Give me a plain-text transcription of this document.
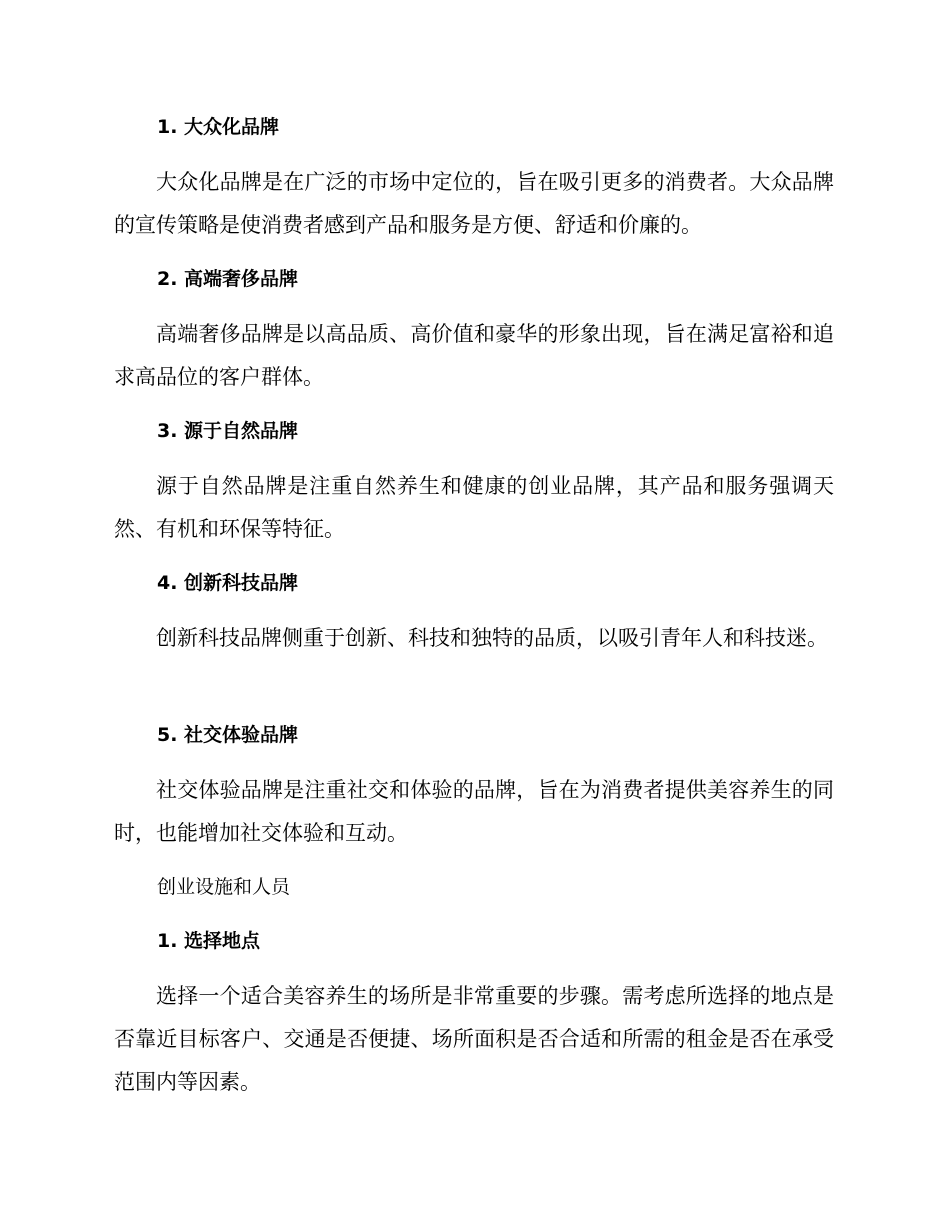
1. 大众化品牌

大众化品牌是在广泛的市场中定位的，旨在吸引更多的消费者。大众品牌的宣传策略是使消费者感到产品和服务是方便、舒适和价廉的。

2. 高端奢侈品牌

高端奢侈品牌是以高品质、高价值和豪华的形象出现，旨在满足富裕和追求高品位的客户群体。

3. 源于自然品牌

源于自然品牌是注重自然养生和健康的创业品牌，其产品和服务强调天然、有机和环保等特征。

4. 创新科技品牌

创新科技品牌侧重于创新、科技和独特的品质，以吸引青年人和科技迷。

5. 社交体验品牌

社交体验品牌是注重社交和体验的品牌，旨在为消费者提供美容养生的同时，也能增加社交体验和互动。

创业设施和人员
1. 选择地点

选择一个适合美容养生的场所是非常重要的步骤。需考虑所选择的地点是否靠近目标客户、交通是否便捷、场所面积是否合适和所需的租金是否在承受范围内等因素。
